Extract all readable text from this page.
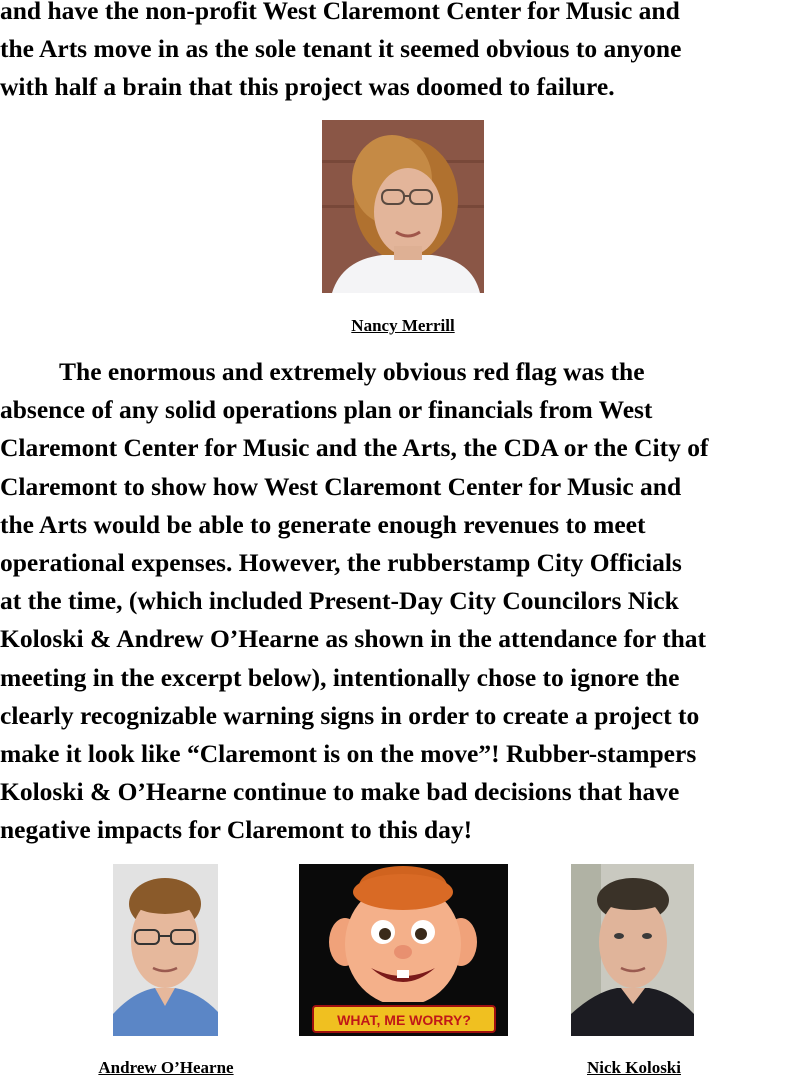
and have the non-profit West Claremont Center for Music and
the Arts move in as the sole tenant it seemed obvious to anyone
with half a brain that this project was doomed to failure.
Nancy Merrill
The enormous and extremely obvious red flag was the
absence of any solid operations plan or financials from West
Claremont Center for Music and the Arts, the CDA or the City of
Claremont to show how West Claremont Center for Music and
the Arts would be able to generate enough revenues to meet
operational expenses. However, the rubberstamp City Officials
at the time, (which included Present-Day City Councilors Nick
Koloski & Andrew O’Hearne as shown in the attendance for that
meeting in the excerpt below), intentionally chose to ignore the
clearly recognizable warning signs in order to create a project to
make it look like “Claremont is on the move”! Rubber-stampers
Koloski & O’Hearne continue to make bad decisions that have
negative impacts for Claremont to this day!
Andrew O’Hearne
WHAT, ME WORRY?
Nick Koloski
